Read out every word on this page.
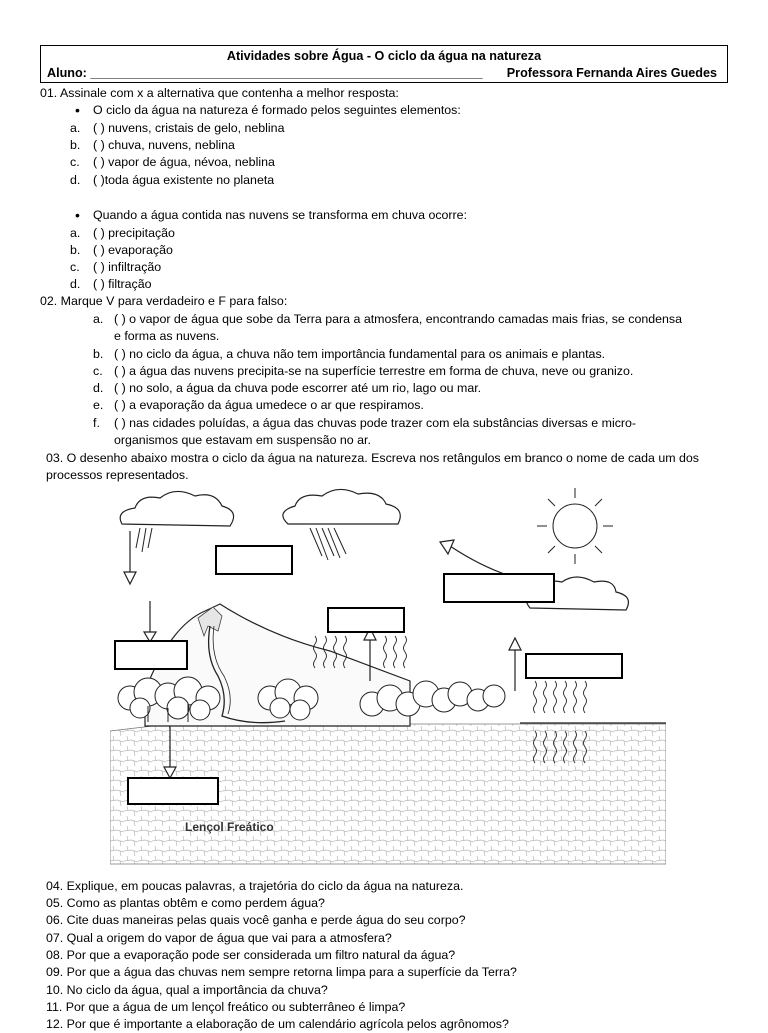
Atividades sobre Água - O ciclo da água na natureza
Aluno: ________________________________________________________ Professora Fernanda Aires Guedes
01. Assinale com x a alternativa que contenha a melhor resposta:
• O ciclo da água na natureza é formado pelos seguintes elementos:
a. ( ) nuvens, cristais de gelo, neblina
b. ( ) chuva, nuvens, neblina
c. ( ) vapor de água, névoa, neblina
d. ( )toda água existente no planeta
• Quando a água contida nas nuvens se transforma em chuva ocorre:
a. ( ) precipitação
b. ( ) evaporação
c. ( ) infiltração
d. ( ) filtração
02. Marque V para verdadeiro e F para falso:
a. ( ) o vapor de água que sobe da Terra para a atmosfera, encontrando camadas mais frias, se condensa
e forma as nuvens.
b. ( ) no ciclo da água, a chuva não tem importância fundamental para os animais e plantas.
c. ( ) a água das nuvens precipita-se na superfície terrestre em forma de chuva, neve ou granizo.
d. ( ) no solo, a água da chuva pode escorrer até um rio, lago ou mar.
e. ( ) a evaporação da água umedece o ar que respiramos.
f. ( ) nas cidades poluídas, a água das chuvas pode trazer com ela substâncias diversas e micro-
organismos que estavam em suspensão no ar.
03. O desenho abaixo mostra o ciclo da água na natureza. Escreva nos retângulos em branco o nome de cada um dos
processos representados.
Lençol Freático
04. Explique, em poucas palavras, a trajetória do ciclo da água na natureza.
05. Como as plantas obtêm e como perdem água?
06. Cite duas maneiras pelas quais você ganha e perde água do seu corpo?
07. Qual a origem do vapor de água que vai para a atmosfera?
08. Por que a evaporação pode ser considerada um filtro natural da água?
09. Por que a água das chuvas nem sempre retorna limpa para a superfície da Terra?
10. No ciclo da água, qual a importância da chuva?
11. Por que a água de um lençol freático ou subterrâneo é limpa?
12. Por que é importante a elaboração de um calendário agrícola pelos agrônomos?
